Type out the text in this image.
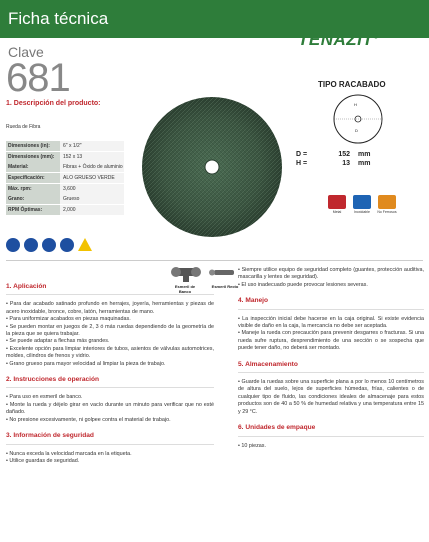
Ficha técnica
Clave
681
TENAZIT®
TIPO RACABADO
H
D
1. Descripción del producto:
Rueda de Fibra
Dimensiones (in):	6" x 1/2"
Dimensiones (mm):	152 x 13
Material:	Fibras + Óxido de aluminio
Especificación:	ALO GRUESO VERDE
Máx. rpm:	3,600
Grano:	Grueso
RPM Óptimas:	2,000
D =	152	mm
H =	13	mm
Metal	Inoxidable	No Ferrosos
Esmeril de Banco
Esmeril Recto
1. Aplicación

• Para dar acabado satinado profundo en herrajes, joyería, herramientas y piezas de acero inoxidable, bronce, cobre, latón, herramientas de mano.

• Para uniformizar acabados en piezas maquinadas.

• Se pueden montar en juegos de 2, 3 ó más ruedas dependiendo de la geometría de la pieza que se quiera trabajar.

• Se puede adaptar a flechas más grandes.

• Excelente opción para limpiar interiores de tubos, asientos de válvulas automotrices, moldes, cilindros de frenos y vidrio.

• Grano grueso para mayor velocidad al limpiar la pieza de trabajo.

2. Instrucciones de operación

• Para uso en esmeril de banco.

• Monte la rueda y déjelo girar en vacío durante un minuto para verificar que no esté dañado.

• No presione excesivamente, ni golpee contra el material de trabajo.

3. Información de seguridad

• Nunca exceda la velocidad marcada en la etiqueta.

• Utilice guardas de seguridad.

• Siempre utilice equipo de seguridad completo (guantes, protección auditiva, mascarilla y lentes de seguridad).

• El uso inadecuado puede provocar lesiones severas.

4. Manejo

• La inspección inicial debe hacerse en la caja original. Si existe evidencia visible de daño en la caja, la mercancía no debe ser aceptada.

• Maneje la rueda con precaución para prevenir desgarres o fracturas. Si una rueda sufre ruptura, desprendimiento de una sección o se sospecha que puede tener daño, no deberá ser montado.

5. Almacenamiento

• Guarde la ruedas sobre una superficie plana a por lo menos 10 centímetros de altura del suelo, lejos de superficies húmedas, frías, calientes o de cualquier tipo de fluido, las condiciones ideales de almacenaje para estos productos son de 40 a 50 % de humedad relativa y una temperatura entre 15 y 29 °C.

6. Unidades de empaque

• 10 piezas.
